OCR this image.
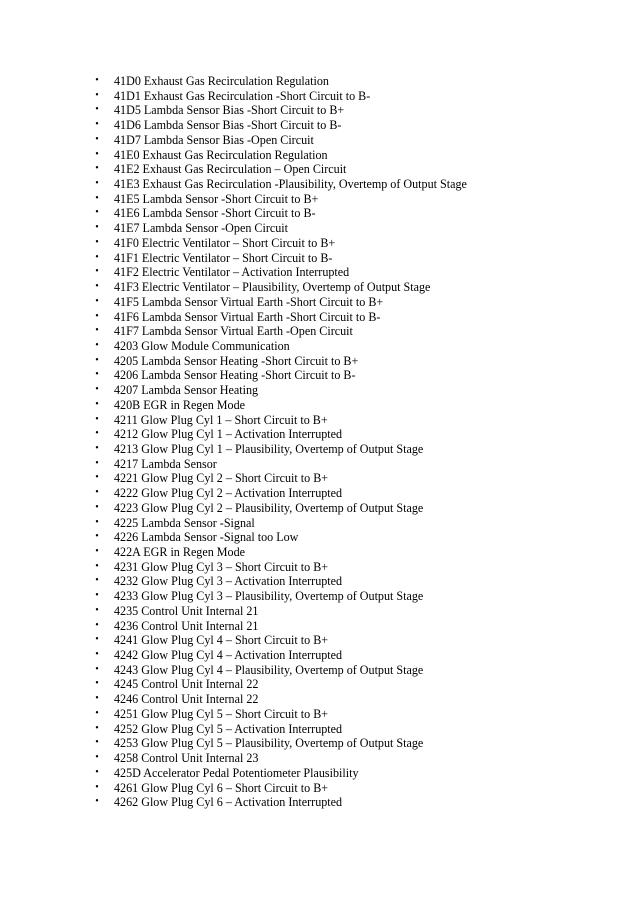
• 41D0 Exhaust Gas Recirculation Regulation
• 41D1 Exhaust Gas Recirculation -Short Circuit to B-
• 41D5 Lambda Sensor Bias -Short Circuit to B+
• 41D6 Lambda Sensor Bias -Short Circuit to B-
• 41D7 Lambda Sensor Bias -Open Circuit
• 41E0 Exhaust Gas Recirculation Regulation
• 41E2 Exhaust Gas Recirculation – Open Circuit
• 41E3 Exhaust Gas Recirculation -Plausibility, Overtemp of Output Stage
• 41E5 Lambda Sensor -Short Circuit to B+
• 41E6 Lambda Sensor -Short Circuit to B-
• 41E7 Lambda Sensor -Open Circuit
• 41F0 Electric Ventilator – Short Circuit to B+
• 41F1 Electric Ventilator – Short Circuit to B-
• 41F2 Electric Ventilator – Activation Interrupted
• 41F3 Electric Ventilator – Plausibility, Overtemp of Output Stage
• 41F5 Lambda Sensor Virtual Earth -Short Circuit to B+
• 41F6 Lambda Sensor Virtual Earth -Short Circuit to B-
• 41F7 Lambda Sensor Virtual Earth -Open Circuit
• 4203 Glow Module Communication
• 4205 Lambda Sensor Heating -Short Circuit to B+
• 4206 Lambda Sensor Heating -Short Circuit to B-
• 4207 Lambda Sensor Heating
• 420B EGR in Regen Mode
• 4211 Glow Plug Cyl 1 – Short Circuit to B+
• 4212 Glow Plug Cyl 1 – Activation Interrupted
• 4213 Glow Plug Cyl 1 – Plausibility, Overtemp of Output Stage
• 4217 Lambda Sensor
• 4221 Glow Plug Cyl 2 – Short Circuit to B+
• 4222 Glow Plug Cyl 2 – Activation Interrupted
• 4223 Glow Plug Cyl 2 – Plausibility, Overtemp of Output Stage
• 4225 Lambda Sensor -Signal
• 4226 Lambda Sensor -Signal too Low
• 422A EGR in Regen Mode
• 4231 Glow Plug Cyl 3 – Short Circuit to B+
• 4232 Glow Plug Cyl 3 – Activation Interrupted
• 4233 Glow Plug Cyl 3 – Plausibility, Overtemp of Output Stage
• 4235 Control Unit Internal 21
• 4236 Control Unit Internal 21
• 4241 Glow Plug Cyl 4 – Short Circuit to B+
• 4242 Glow Plug Cyl 4 – Activation Interrupted
• 4243 Glow Plug Cyl 4 – Plausibility, Overtemp of Output Stage
• 4245 Control Unit Internal 22
• 4246 Control Unit Internal 22
• 4251 Glow Plug Cyl 5 – Short Circuit to B+
• 4252 Glow Plug Cyl 5 – Activation Interrupted
• 4253 Glow Plug Cyl 5 – Plausibility, Overtemp of Output Stage
• 4258 Control Unit Internal 23
• 425D Accelerator Pedal Potentiometer Plausibility
• 4261 Glow Plug Cyl 6 – Short Circuit to B+
• 4262 Glow Plug Cyl 6 – Activation Interrupted
